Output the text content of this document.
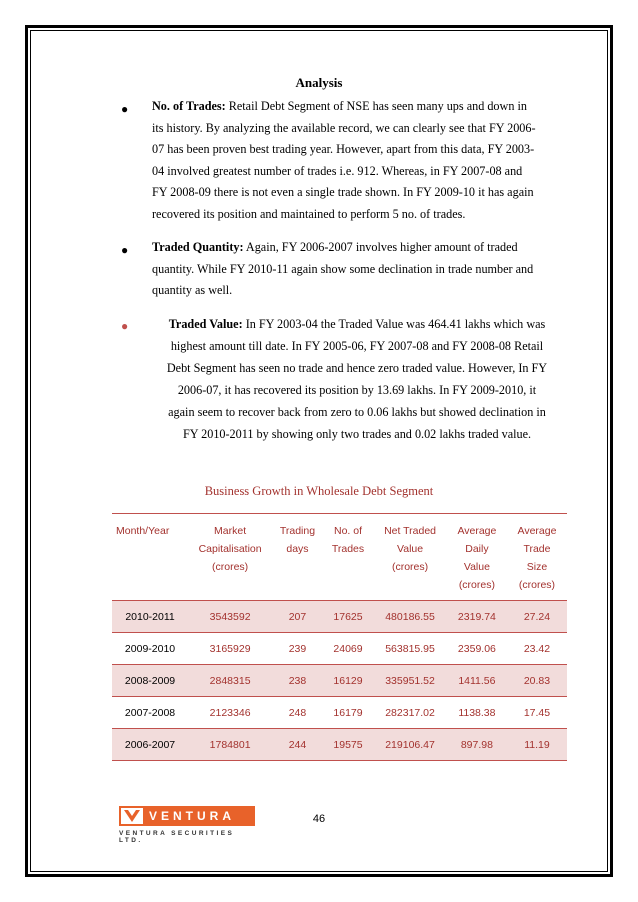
Analysis
● No. of Trades: Retail Debt Segment of NSE has seen many ups and down in
its history. By analyzing the available record, we can clearly see that FY 2006-
07 has been proven best trading year. However, apart from this data, FY 2003-
04 involved greatest number of trades i.e. 912. Whereas, in FY 2007-08 and
FY 2008-09 there is not even a single trade shown. In FY 2009-10 it has again
recovered its position and maintained to perform 5 no. of trades.
● Traded Quantity: Again, FY 2006-2007 involves higher amount of traded
quantity. While FY 2010-11 again show some declination in trade number and
quantity as well.
●	Traded Value: In FY 2003-04 the Traded Value was 464.41 lakhs which was
highest amount till date. In FY 2005-06, FY 2007-08 and FY 2008-08 Retail
Debt Segment has seen no trade and hence zero traded value. However, In FY
2006-07, it has recovered its position by 13.69 lakhs. In FY 2009-2010, it
again seem to recover back from zero to 0.06 lakhs but showed declination in
FY 2010-2011 by showing only two trades and 0.02 lakhs traded value.
Business Growth in Wholesale Debt Segment
Month/Year	Market
Capitalisation
(crores)	Trading
days	No. of
Trades	Net Traded
Value
(crores)	Average
Daily
Value
(crores)	Average
Trade
Size
(crores)
2010-2011	3543592	207	17625	480186.55	2319.74	27.24
2009-2010	3165929	239	24069	563815.95	2359.06	23.42
2008-2009	2848315	238	16129	335951.52	1411.56	20.83
2007-2008	2123346	248	16179	282317.02	1138.38	17.45
2006-2007	1784801	244	19575	219106.47	897.98	11.19
VENTURA
VENTURA SECURITIES LTD.
46
